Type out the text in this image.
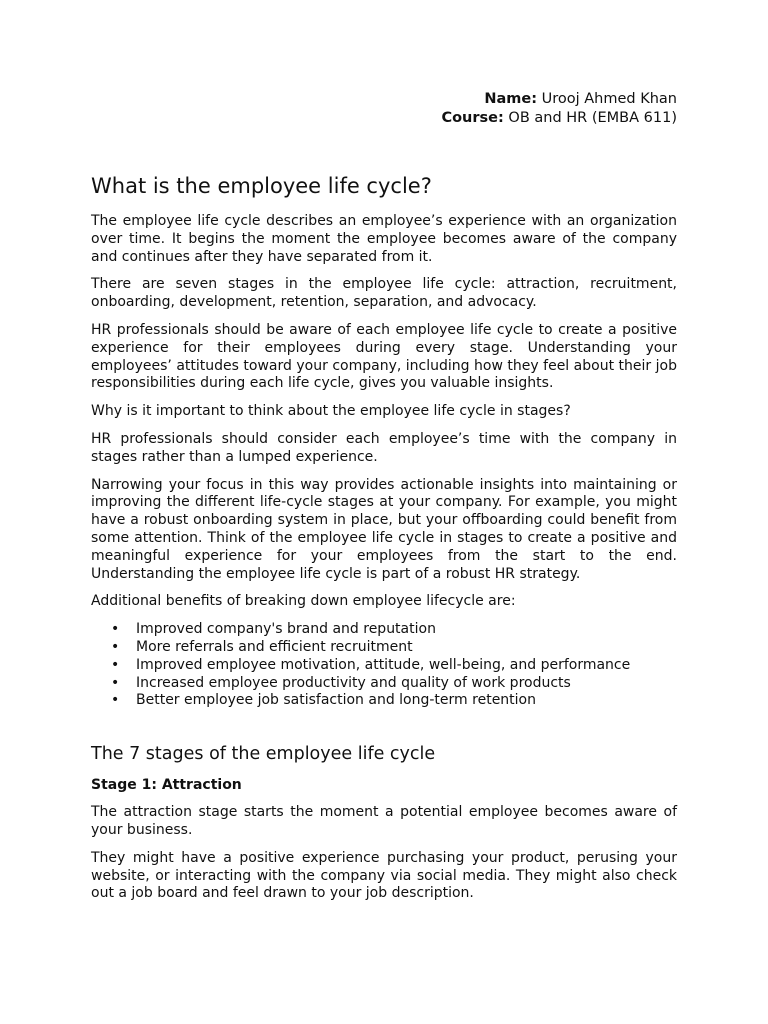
Name: Urooj Ahmed Khan
Course: OB and HR (EMBA 611)
What is the employee life cycle?

The employee life cycle describes an employee’s experience with an organization over time. It begins the moment the employee becomes aware of the company and continues after they have separated from it.

There are seven stages in the employee life cycle: attraction, recruitment, onboarding, development, retention, separation, and advocacy.

HR professionals should be aware of each employee life cycle to create a positive experience for their employees during every stage. Understanding your employees’ attitudes toward your company, including how they feel about their job responsibilities during each life cycle, gives you valuable insights.

Why is it important to think about the employee life cycle in stages?

HR professionals should consider each employee’s time with the company in stages rather than a lumped experience.

Narrowing your focus in this way provides actionable insights into maintaining or improving the different life-cycle stages at your company. For example, you might have a robust onboarding system in place, but your offboarding could benefit from some attention. Think of the employee life cycle in stages to create a positive and meaningful experience for your employees from the start to the end. Understanding the employee life cycle is part of a robust HR strategy.

Additional benefits of breaking down employee lifecycle are:

• Improved company's brand and reputation
• More referrals and efficient recruitment
• Improved employee motivation, attitude, well-being, and performance
• Increased employee productivity and quality of work products
• Better employee job satisfaction and long-term retention
The 7 stages of the employee life cycle
Stage 1: Attraction

The attraction stage starts the moment a potential employee becomes aware of your business.

They might have a positive experience purchasing your product, perusing your website, or interacting with the company via social media. They might also check out a job board and feel drawn to your job description.
